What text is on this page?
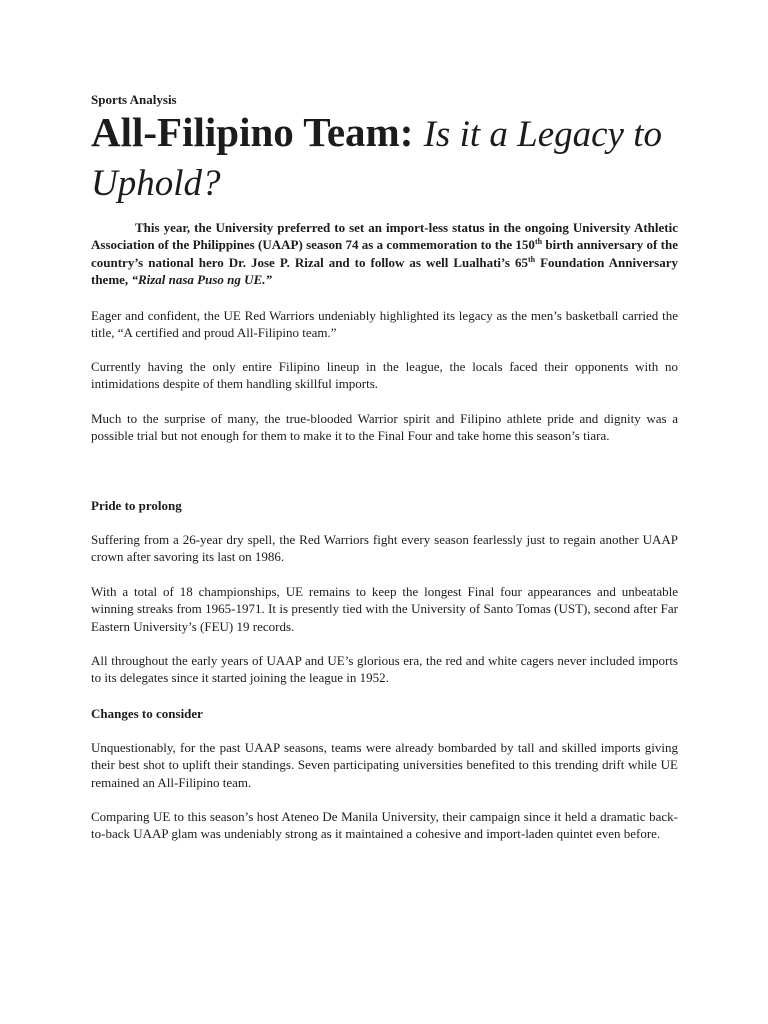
Sports Analysis

All-Filipino Team: Is it a Legacy to Uphold?

This year, the University preferred to set an import-less status in the ongoing University Athletic Association of the Philippines (UAAP) season 74 as a commemoration to the 150th birth anniversary of the country’s national hero Dr. Jose P. Rizal and to follow as well Lualhati’s 65th Foundation Anniversary theme, “Rizal nasa Puso ng UE.”

Eager and confident, the UE Red Warriors undeniably highlighted its legacy as the men’s basketball carried the title, “A certified and proud All-Filipino team.”

Currently having the only entire Filipino lineup in the league, the locals faced their opponents with no intimidations despite of them handling skillful imports.

Much to the surprise of many, the true-blooded Warrior spirit and Filipino athlete pride and dignity was a possible trial but not enough for them to make it to the Final Four and take home this season’s tiara.

Pride to prolong

Suffering from a 26-year dry spell, the Red Warriors fight every season fearlessly just to regain another UAAP crown after savoring its last on 1986.

With a total of 18 championships, UE remains to keep the longest Final four appearances and unbeatable winning streaks from 1965-1971. It is presently tied with the University of Santo Tomas (UST), second after Far Eastern University’s (FEU) 19 records.

All throughout the early years of UAAP and UE’s glorious era, the red and white cagers never included imports to its delegates since it started joining the league in 1952.

Changes to consider

Unquestionably, for the past UAAP seasons, teams were already bombarded by tall and skilled imports giving their best shot to uplift their standings. Seven participating universities benefited to this trending drift while UE remained an All-Filipino team.

Comparing UE to this season’s host Ateneo De Manila University, their campaign since it held a dramatic back-to-back UAAP glam was undeniably strong as it maintained a cohesive and import-laden quintet even before.
